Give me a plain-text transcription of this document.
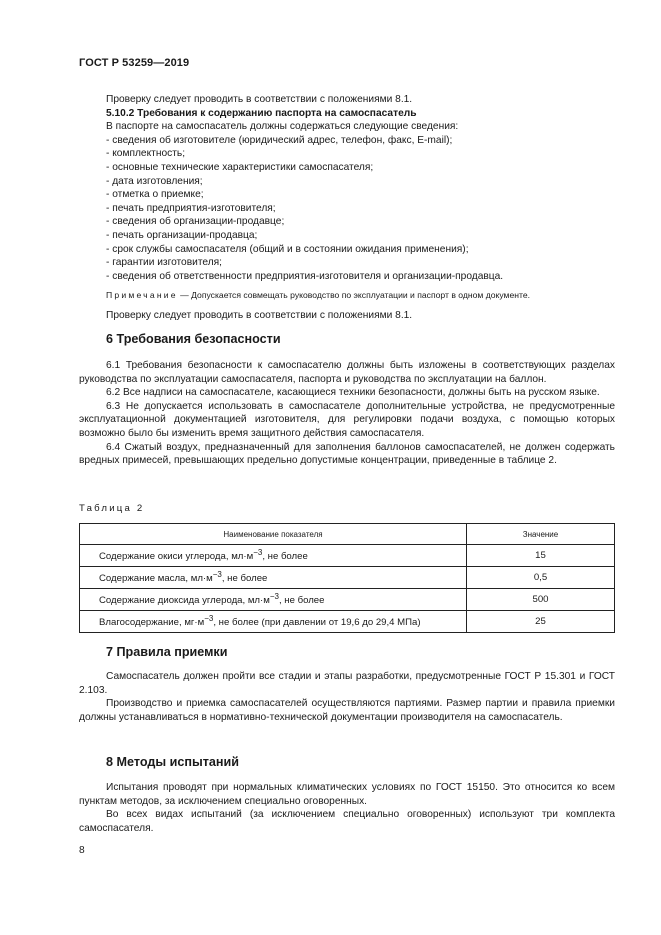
ГОСТ Р 53259—2019

Проверку следует проводить в соответствии с положениями 8.1.

5.10.2 Требования к содержанию паспорта на самоспасатель

В паспорте на самоспасатель должны содержаться следующие сведения:

- сведения об изготовителе (юридический адрес, телефон, факс, E-mail);
- комплектность;
- основные технические характеристики самоспасателя;
- дата изготовления;
- отметка о приемке;
- печать предприятия-изготовителя;
- сведения об организации-продавце;
- печать организации-продавца;
- срок службы самоспасателя (общий и в состоянии ожидания применения);
- гарантии изготовителя;
- сведения об ответственности предприятия-изготовителя и организации-продавца.

Примечание — Допускается совмещать руководство по эксплуатации и паспорт в одном документе.

Проверку следует проводить в соответствии с положениями 8.1.

6 Требования безопасности

6.1 Требования безопасности к самоспасателю должны быть изложены в соответствующих разделах руководства по эксплуатации самоспасателя, паспорта и руководства по эксплуатации на баллон.

6.2 Все надписи на самоспасателе, касающиеся техники безопасности, должны быть на русском языке.

6.3 Не допускается использовать в самоспасателе дополнительные устройства, не предусмотренные эксплуатационной документацией изготовителя, для регулировки подачи воздуха, с помощью которых возможно было бы изменить время защитного действия самоспасателя.

6.4 Сжатый воздух, предназначенный для заполнения баллонов самоспасателей, не должен содержать вредных примесей, превышающих предельно допустимые концентрации, приведенные в таблице 2.

Таблица 2
Наименование показателя	Значение
Содержание окиси углерода, $мл\cdot м^{-3}$, не более	15
Содержание масла, $мл\cdot м^{-3}$, не более	0,5
Содержание диоксида углерода, $мл\cdot м^{-3}$, не более	500
Влагосодержание, $мг\cdot м^{-3}$, не более (при давлении от 19,6 до 29,4 МПа)	25
7 Правила приемки

Самоспасатель должен пройти все стадии и этапы разработки, предусмотренные ГОСТ Р 15.301 и ГОСТ 2.103.

Производство и приемка самоспасателей осуществляются партиями. Размер партии и правила приемки должны устанавливаться в нормативно-технической документации производителя на самоспасатель.

8 Методы испытаний

Испытания проводят при нормальных климатических условиях по ГОСТ 15150. Это относится ко всем пунктам методов, за исключением специально оговоренных.

Во всех видах испытаний (за исключением специально оговоренных) используют три комплекта самоспасателя.

8
